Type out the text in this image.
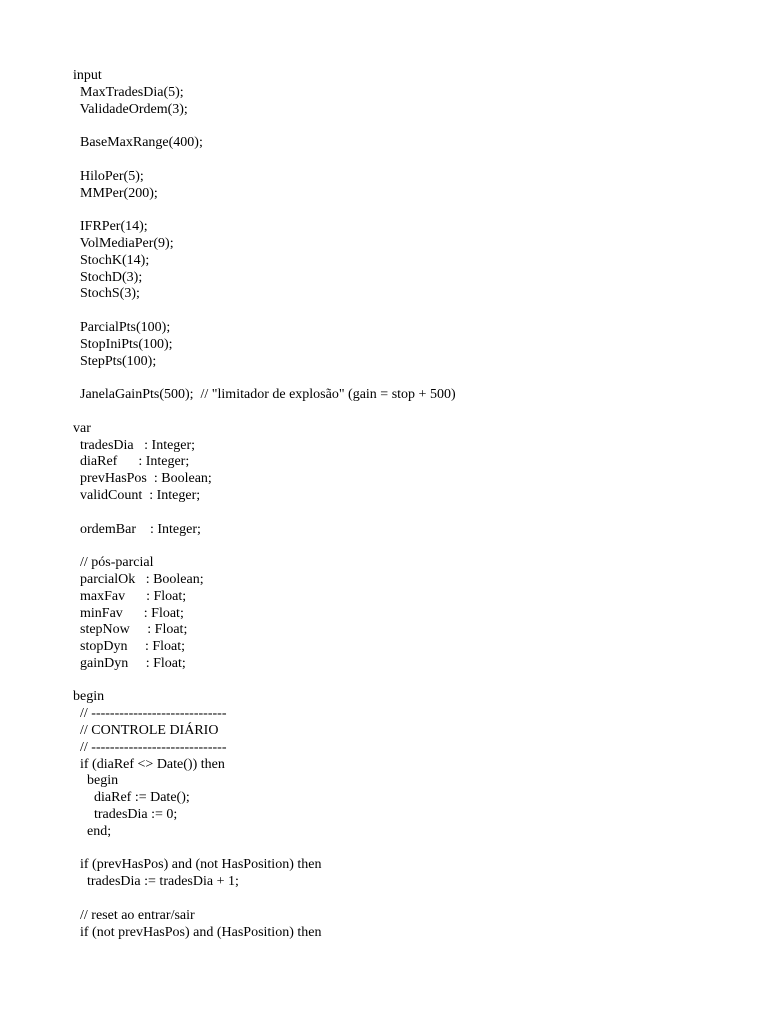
input
MaxTradesDia(5);
ValidadeOrdem(3);
BaseMaxRange(400);
HiloPer(5);
MMPer(200);
IFRPer(14);
VolMediaPer(9);
StochK(14);
StochD(3);
StochS(3);
ParcialPts(100);
StopIniPts(100);
StepPts(100);
JanelaGainPts(500);  // "limitador de explosão" (gain = stop + 500)
var
tradesDia   : Integer;
diaRef      : Integer;
prevHasPos  : Boolean;
validCount  : Integer;
ordemBar    : Integer;
// pós-parcial
parcialOk   : Boolean;
maxFav      : Float;
minFav      : Float;
stepNow     : Float;
stopDyn     : Float;
gainDyn     : Float;
begin
// -----------------------------
// CONTROLE DIÁRIO
// -----------------------------
if (diaRef <> Date()) then
begin
diaRef := Date();
tradesDia := 0;
end;
if (prevHasPos) and (not HasPosition) then
tradesDia := tradesDia + 1;
// reset ao entrar/sair
if (not prevHasPos) and (HasPosition) then
